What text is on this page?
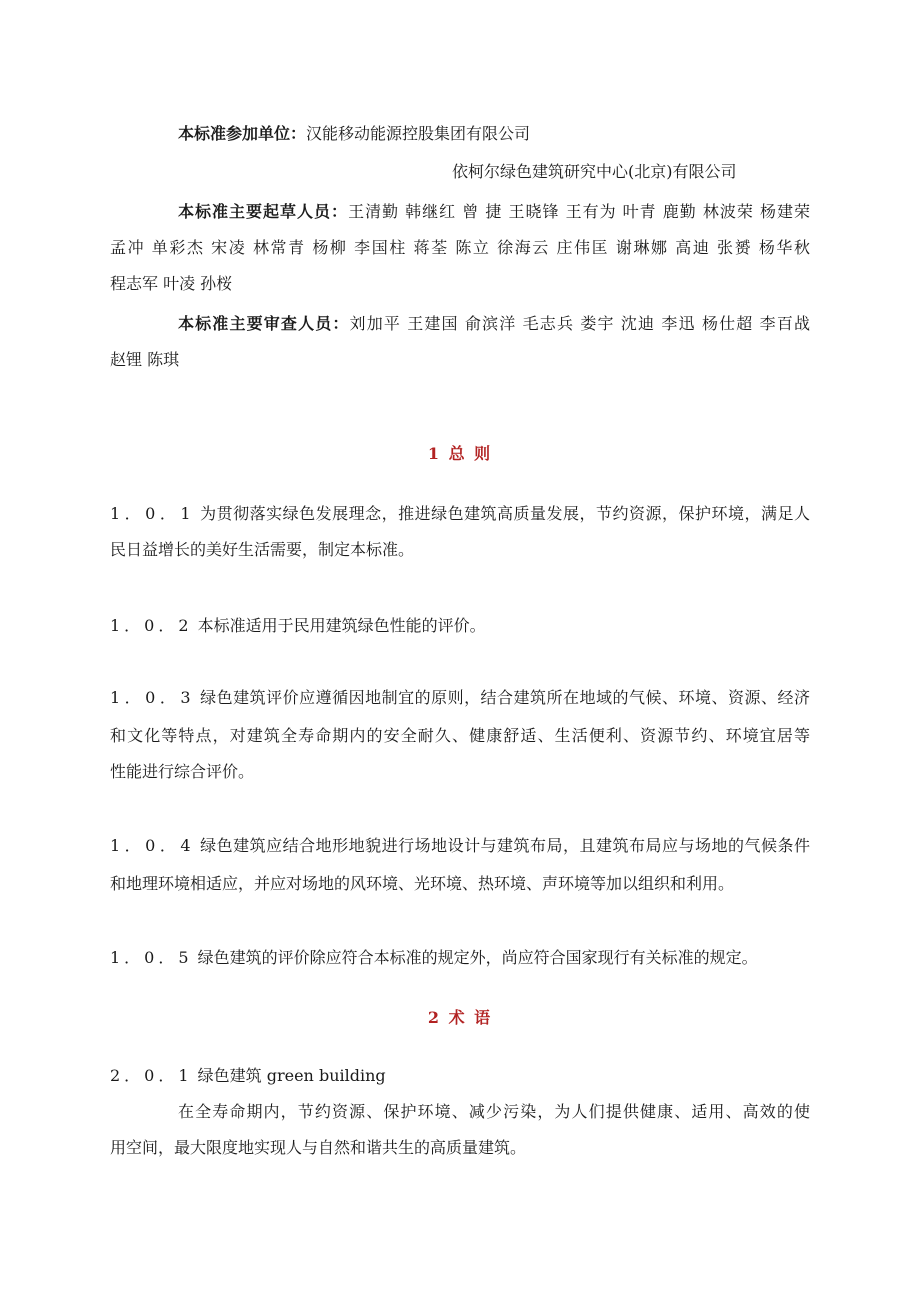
本标准参加单位：汉能移动能源控股集团有限公司
依柯尔绿色建筑研究中心(北京)有限公司
本标准主要起草人员：王清勤 韩继红 曾 捷 王晓锋 王有为 叶青 鹿勤 林波荣 杨建荣
孟冲 单彩杰 宋凌 林常青 杨柳 李国柱 蒋荃 陈立 徐海云 庄伟匡 谢琳娜 高迪 张赟 杨华秋
程志军 叶凌 孙桜
本标准主要审查人员：刘加平 王建国 俞滨洋 毛志兵 娄宇 沈迪 李迅 杨仕超 李百战
赵锂 陈琪
1 总 则
1．0．1 为贯彻落实绿色发展理念，推进绿色建筑高质量发展，节约资源，保护环境，满足人
民日益增长的美好生活需要，制定本标准。
1．0．2 本标准适用于民用建筑绿色性能的评价。
1．0．3 绿色建筑评价应遵循因地制宜的原则，结合建筑所在地域的气候、环境、资源、经济
和文化等特点，对建筑全寿命期内的安全耐久、健康舒适、生活便利、资源节约、环境宜居等
性能进行综合评价。
1．0．4 绿色建筑应结合地形地貌进行场地设计与建筑布局，且建筑布局应与场地的气候条件
和地理环境相适应，并应对场地的风环境、光环境、热环境、声环境等加以组织和利用。
1．0．5 绿色建筑的评价除应符合本标准的规定外，尚应符合国家现行有关标准的规定。
2 术 语
2．0．1 绿色建筑 green building
在全寿命期内，节约资源、保护环境、减少污染，为人们提供健康、适用、高效的使
用空间，最大限度地实现人与自然和谐共生的高质量建筑。
